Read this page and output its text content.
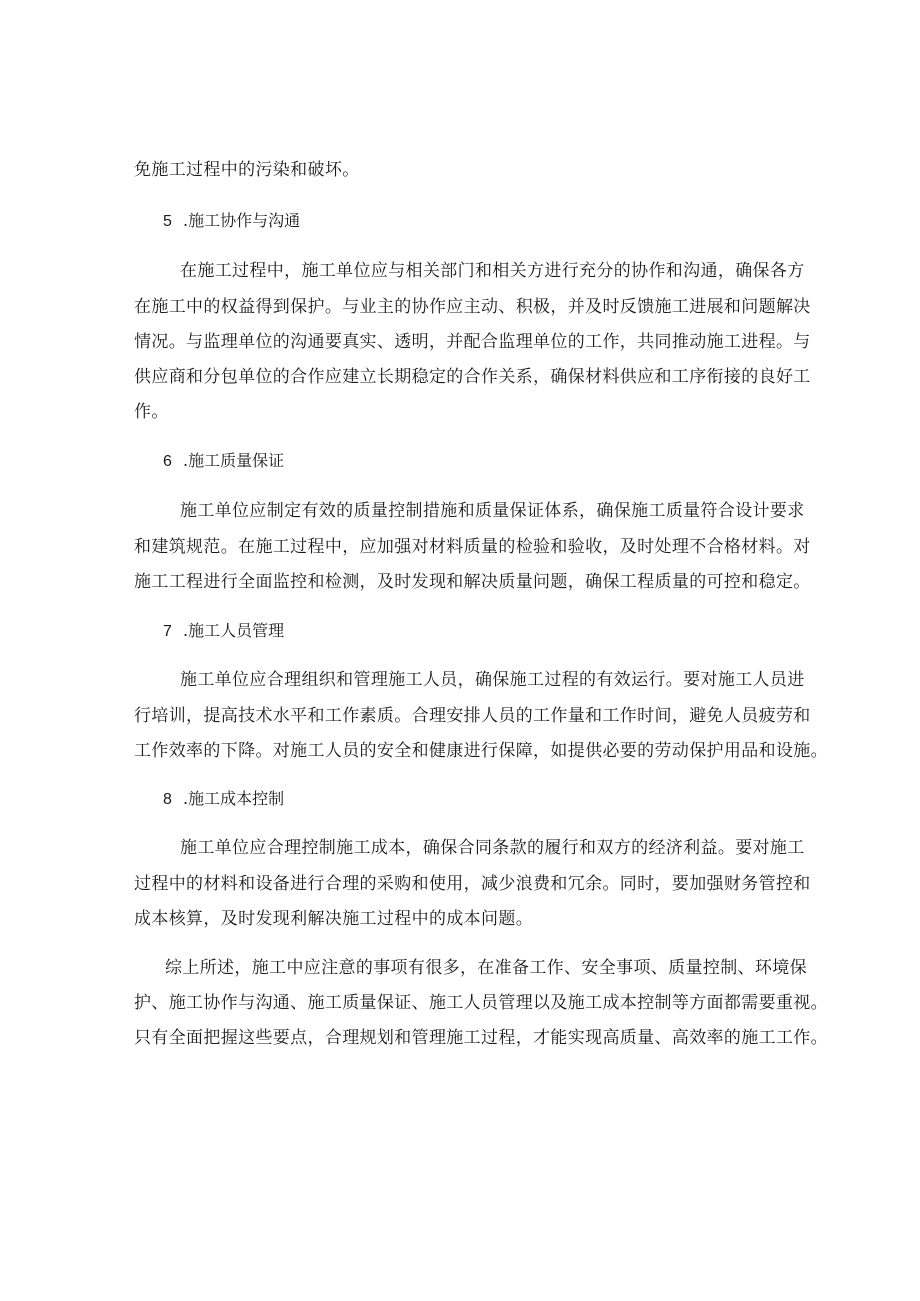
免施工过程中的污染和破坏。
5 .施工协作与沟通
在施工过程中，施工单位应与相关部门和相关方进行充分的协作和沟通，确保各方
在施工中的权益得到保护。与业主的协作应主动、积极，并及时反馈施工进展和问题解决
情况。与监理单位的沟通要真实、透明，并配合监理单位的工作，共同推动施工进程。与
供应商和分包单位的合作应建立长期稳定的合作关系，确保材料供应和工序衔接的良好工
作。
6 .施工质量保证
施工单位应制定有效的质量控制措施和质量保证体系，确保施工质量符合设计要求
和建筑规范。在施工过程中，应加强对材料质量的检验和验收，及时处理不合格材料。对
施工工程进行全面监控和检测，及时发现和解决质量问题，确保工程质量的可控和稳定。
7 .施工人员管理
施工单位应合理组织和管理施工人员，确保施工过程的有效运行。要对施工人员进
行培训，提高技术水平和工作素质。合理安排人员的工作量和工作时间，避免人员疲劳和
工作效率的下降。对施工人员的安全和健康进行保障，如提供必要的劳动保护用品和设施。
8 .施工成本控制
施工单位应合理控制施工成本，确保合同条款的履行和双方的经济利益。要对施工
过程中的材料和设备进行合理的采购和使用，减少浪费和冗余。同时，要加强财务管控和
成本核算，及时发现利解决施工过程中的成本问题。
综上所述，施工中应注意的事项有很多，在准备工作、安全事项、质量控制、环境保
护、施工协作与沟通、施工质量保证、施工人员管理以及施工成本控制等方面都需要重视。
只有全面把握这些要点，合理规划和管理施工过程，才能实现高质量、高效率的施工工作。
